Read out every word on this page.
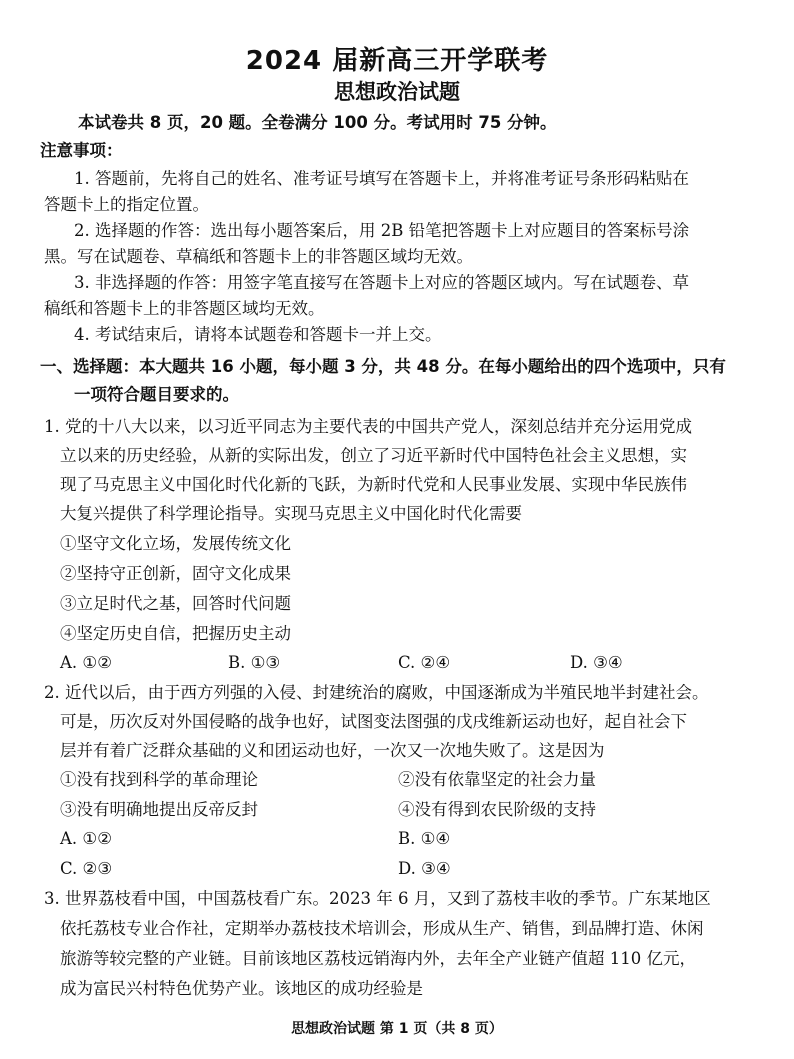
2024 届新高三开学联考
思想政治试题
本试卷共 8 页，20 题。全卷满分 100 分。考试用时 75 分钟。
注意事项：
1. 答题前，先将自己的姓名、准考证号填写在答题卡上，并将准考证号条形码粘贴在
答题卡上的指定位置。
2. 选择题的作答：选出每小题答案后，用 2B 铅笔把答题卡上对应题目的答案标号涂
黑。写在试题卷、草稿纸和答题卡上的非答题区域均无效。
3. 非选择题的作答：用签字笔直接写在答题卡上对应的答题区域内。写在试题卷、草
稿纸和答题卡上的非答题区域均无效。
4. 考试结束后，请将本试题卷和答题卡一并上交。
一、选择题：本大题共 16 小题，每小题 3 分，共 48 分。在每小题给出的四个选项中，只有
一项符合题目要求的。
1. 党的十八大以来，以习近平同志为主要代表的中国共产党人，深刻总结并充分运用党成
立以来的历史经验，从新的实际出发，创立了习近平新时代中国特色社会主义思想，实
现了马克思主义中国化时代化新的飞跃，为新时代党和人民事业发展、实现中华民族伟
大复兴提供了科学理论指导。实现马克思主义中国化时代化需要
①坚守文化立场，发展传统文化
②坚持守正创新，固守文化成果
③立足时代之基，回答时代问题
④坚定历史自信，把握历史主动
A. ①②	B. ①③	C. ②④	D. ③④
2. 近代以后，由于西方列强的入侵、封建统治的腐败，中国逐渐成为半殖民地半封建社会。
可是，历次反对外国侵略的战争也好，试图变法图强的戊戌维新运动也好，起自社会下
层并有着广泛群众基础的义和团运动也好，一次又一次地失败了。这是因为
①没有找到科学的革命理论	②没有依靠坚定的社会力量
③没有明确地提出反帝反封	④没有得到农民阶级的支持
A. ①②	B. ①④
C. ②③	D. ③④
3. 世界荔枝看中国，中国荔枝看广东。2023 年 6 月，又到了荔枝丰收的季节。广东某地区
依托荔枝专业合作社，定期举办荔枝技术培训会，形成从生产、销售，到品牌打造、休闲
旅游等较完整的产业链。目前该地区荔枝远销海内外，去年全产业链产值超 110 亿元，
成为富民兴村特色优势产业。该地区的成功经验是
思想政治试题 第 1 页（共 8 页）
